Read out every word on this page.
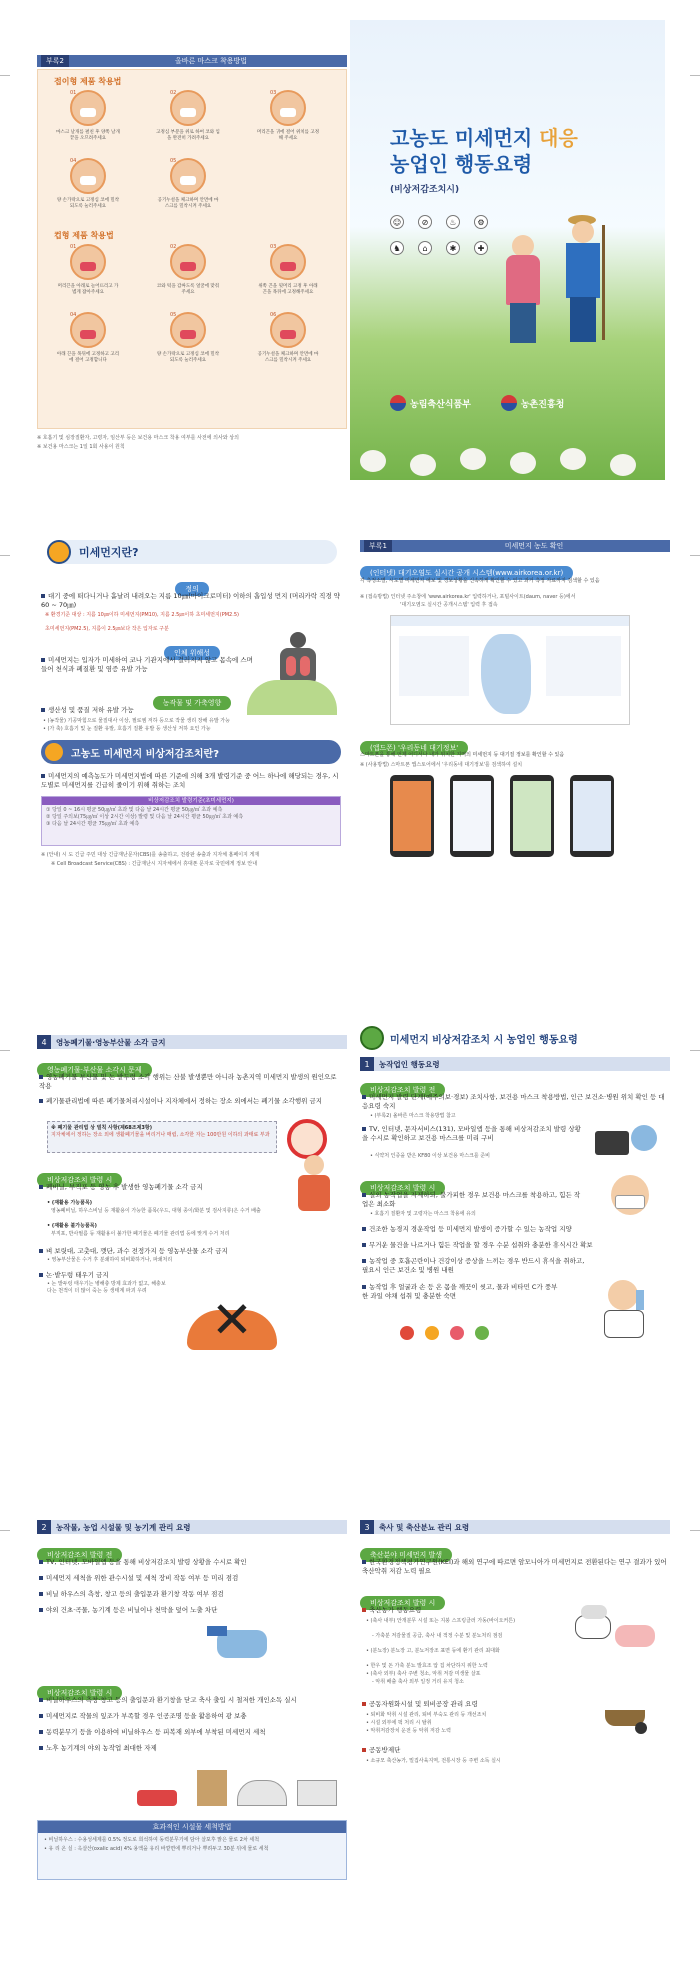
부록2	올바른 마스크 착용방법
접이형 제품 착용법
01
마스크 날개를 펼친 후 양쪽 날개 끝을 오므려주세요
02
고정심 부분을 위로 하여 코와 입을 완전히 가려주세요
03
머리끈을 귀에 걸어 위치를 고정해 주세요
04
양 손가락으로 고정심 코에 밀착되도록 눌러주세요
05
공기누설을 체크하며 안면에 마스크를 밀착시켜 주세요
컵형 제품 착용법
01
머리끈을 아래로 늘어뜨리고 가볍게 잡아주세요
02
코와 턱을 감싸도록 얼굴에 맞춰주세요
03
위쪽 끈을 뒷머리 고정 후 아래 끈을 목뒤에 고정해주세요
04
아래 끈을 목뒤에 고정하고 고리에 걸어 고정합니다
05
양 손가락으로 고정심 코에 밀착되도록 눌러주세요
06
공기누설을 체크하며 안면에 마스크를 밀착시켜 주세요
※ 호흡기 및 심장질환자, 고령자, 임산부 등은 보건용 마스크 착용 여부를 사전에 의사와 상의
※ 보건용 마스크는 1일 1회 사용이 원칙
고농도 미세먼지 대응
농업인 행동요령
(비상저감조치시)
☺	⊘	♨	⚙
♞	⌂	✱	✚
농림축산식품부	농촌진흥청
미세먼지란?
정의
대기 중에 떠다니거나 흩날려 내려오는 지름 10㎛(마이크로미터) 이하의 흡입성 먼지 (머리카락 직경 약 60 ~ 70㎛)
※ 환경기준 대상 : 지름 10㎛이하 미세먼지(PM10), 지름 2.5㎛이하 초미세먼지(PM2.5)
초미세먼지(PM2.5), 지름이 2.5㎛보다 작은 입자로 구분
인체 위해성
미세먼지는 입자가 미세하여 코나 기관지에서 걸러지지 않고 몸속에 스며들어 천식과 폐질환 및 염증 유발 가능
농작물 및 가축영향
생산성 및 품질 저하 유발 가능
• (농작물) 기공막힘으로 물질대사 이상, 필로엠 저하 등으로 작물 생리 장해 유발 가능
• (가 축) 호흡기 및 눈 질환 유발, 호흡기 질환 유발 등 생산성 저하 요인 가능
고농도 미세먼지 비상저감조치란?
미세먼지의 예측농도가 미세먼지법에 따른 기준에 의해 3개 발령기준 중 어느 하나에 해당되는 경우, 시 도별로 미세먼지를 긴급히 줄이기 위해 취하는 조치
비상저감조치 발령기준(초미세먼지)
① 당일 0 ~ 16시 평균 50㎍/㎥ 초과 및 다음 날 24시간 평균 50㎍/㎥ 초과 예측
② 당일 주의보(75㎍/㎥ 이상 2시간 이상) 발령 및 다음 날 24시간 평균 50㎍/㎥ 초과 예측
③ 다음 날 24시간 평균 75㎍/㎥ 초과 예측
※ (안내) 시 도 긴급 주민 대상 긴급재난문자(CBS)를 송출하고, 전광판 송출과 지자체 홈페이지 게재
※ Cell Broadcast Service(CBS) : 긴급재난시 지자체에서 휴대폰 문자로 국민에게 정보 안내
부록1	미세먼지 농도 확인
(인터넷) 대기오염도 실시간 공개 시스템(www.airkorea.or.kr)
각 측정소별, 시도별 미세먼지 예보 및 경보상황을 신속하게 확인할 수 있고 과거 측정 자료까지 검색할 수 있음
※ (접속방법) 인터넷 주소창에 'www.airkorea.kr' 입력하거나, 포털사이트(daum, naver 등)에서
'대기오염도 실시간 공개시스템' 입력 후 접속
(앱드폰) '우리동네 대기정보'
스마트폰을 통해 언제 어디서나 내가 위치한 지역의 미세먼지 등 대기질 정보를 확인할 수 있음
※ (사용방법) 스마트폰 앱스토어에서 '우리동네 대기정보'를 검색하여 설치
4	영농폐기물·영농부산물 소각 금지
영농폐기물·부산물 소각시 문제
영농폐기물 부산물 및 논 밭두렁 소각 행위는 산불 발생뿐만 아니라 농촌지역 미세먼지 발생의 원인으로 작용
폐기물관리법에 따른 폐기물처리시설이나 지자체에서 정하는 장소 외에서는 폐기물 소각행위 금지
※ 폐기물 관리법 상 벌칙 사항(제68조제3항)
지자체에서 정하는 장소 외에 생활폐기물을 버리거나 매립, 소각한 자는 100만원 이하의 과태료 부과
비상저감조치 발령 시
폐비닐, 부직포 등 영농 후 발생한 영농폐기물 소각 금지
• (재활용 가능품목)
영농폐비닐, 하우스비닐 등 재활용이 가능한 품목(우드, 대형 종이/화분 및 검사지류)은 수거 배출
• (재활용 불가능품목)
부직포, 반사필름 등 재활용이 불가한 폐기물은 폐기물 관리법 등에 맞게 수거 처리
벼 보릿대, 고춧대, 깻단, 과수 전정가지 등 영농부산물 소각 금지
• 영농부산물은 수거 후 분쇄하여 퇴비화하거나, 파쇄처리
논·밭두렁 태우기 금지
• 논 밭두렁 태우기는 병해충 방제 효과가 없고, 해충보다는 천적이 더 많이 죽는 등 생태계 파괴 우려	✕
미세먼지 비상저감조치 시 농업인 행동요령
1	농작업인 행동요령
비상저감조치 발령 전
미세먼지 발령 단계(예주의보·경보) 조치사항, 보건용 마스크 착용방법, 인근 보건소·병원 위치 확인 등 대응요령 숙지
• (부록2) 올바른 마스크 착용방법 참고
TV, 인터넷, 문자서비스(131), 모바일앱 등을 통해 비상저감조치 발령 상황을 수시로 확인하고 보건용 마스크를 미리 구비
• 식약처 인증을 받은 KF80 이상 보건용 마스크를 준비
비상저감조치 발령 시
실외 농작업을 자제하되, 불가피한 경우 보건용 마스크를 착용하고, 힘든 작업은 최소화
• 호흡기 질환자 및 고령자는 마스크 착용에 유의
건조한 농경지 경운작업 등 미세먼지 발생이 증가할 수 있는 농작업 지양
무거운 물건을 나르거나 힘든 작업을 할 경우 수분 섭취와 충분한 휴식시간 확보
농작업 중 호흡곤란이나 건강이상 증상을 느끼는 경우 반드시 휴식을 취하고, 필요시 인근 보건소 및 병원 내원
농작업 후 얼굴과 손 등 온 몸을 깨끗이 씻고, 물과 비타민 C가 풍부한 과일 야채 섭취 및 충분한 숙면

2	농작물, 농업 시설물 및 농기계 관리 요령
비상저감조치 발령 전
TV, 인터넷, 모바일앱 등을 통해 비상저감조치 발령 상황을 수시로 확인
미세먼지 세척을 위한 관수시설 및 세척 장비 작동 여부 등 미리 점검
비닐 하우스의 측창, 창고 등의 출입문과 환기창 작동 여부 점검
야외 건초·곡물, 농기계 등은 비닐이나 천막을 덮어 노출 차단
비상저감조치 발령 시
비닐하우스의 측창·창고 등의 출입문과 환기창을 닫고 축사 출입 시 철저한 개인소독 실시
미세먼지로 작물의 잎조가 부족할 경우 인공조명 등을 활용하여 광 보충
동력분무기 등을 이용하여 비닐하우스 등 피복재 외부에 부착된 미세먼지 세척
노후 농기계의 야외 농작업 최대한 자제
효과적인 시설물 세척방법
• 비닐하우스 : 수용성세제를 0.5% 정도로 희석하여 동력분무기에 담아 살포후 맑은 물로 2차 세척
• 유 리 온 실 : 옥살산(oxalic acid) 4% 용액을 유리 바깥면에 뿌리거나 뿌려두고 30분 뒤에 물로 세척
3	축사 및 축산분뇨 관리 요령
축산분야 미세먼지 발생
한국환경정책평가연구원(KEI)과 해외 연구에 따르면 암모니아가 미세먼지로 전환된다는 연구 결과가 있어 축산악취 저감 노력 필요
비상저감조치 발령 시
축산농가 행동요령
• (축사 내부) 안개분무 시설 또는 지붕 스프링클러 가동(바이오커튼)
- 가축분 저감물질 공급, 축사 내 적정 수분 및 분뇨처리 점검
• (분뇨장) 분뇨장 고, 분뇨저장조 표면 등에 환기 관리 최대화
• 한우 및 돈 가축 분뇨 발효조 압 집 차단하지 위한 노력
• (축사 외부) 축사 주변 청소, 악취 저감 미생물 살포
- 악취 배출 축사 외부 일정 거리 유지 청소
공동자원화시설 및 퇴비공장 관리 요령
• 퇴비화 악취 시설 관리, 퇴비 부숙도 관리 등 개선조치
• 시설 외부에 퍽 처리 시 탈취
• 악취저감장치 운전 등 악취 저감 노력
공동방제단
• 소규모 축산농가, 밀집사육지역, 전통시장 등 주변 소독 실시
